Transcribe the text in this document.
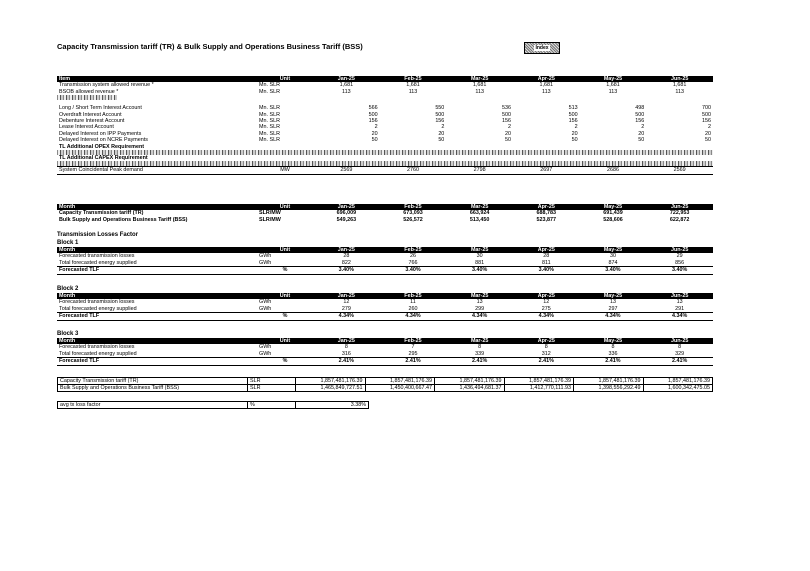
Capacity Transmission tariff (TR) & Bulk Supply and Operations Business Tariff (BSS)	Index
Item	Unit	Jan-25	Feb-25	Mar-25	Apr-25	May-25	Jun-25
Transmission system allowed revenue *	Mn. SLR	1,681	1,681	1,681	1,681	1,681	1,681
BSOB allowed revenue *	Mn. SLR	113	113	113	113	113	113

Long / Short Term Interest Account	Mn. SLR	566	550	536	513	498	700
Overdraft Interest Account	Mn. SLR	500	500	500	500	500	500
Debenture Interest Account	Mn. SLR	156	156	156	156	156	156
Lease Interest Account	Mn. SLR	2	2	2	2	2	2
Delayed Interest on IPP Payments	Mn. SLR	20	20	20	20	20	20
Delayed Interest on NCRE Payments	Mn. SLR	50	50	50	50	50	50
TL Additional OPEX Requirement							

TL Additional CAPEX Requirement							

System Coincidental Peak demand	MW	2569	2760	2798	2697	2686	2569
Month	Unit	Jan-25	Feb-25	Mar-25	Apr-25	May-25	Jun-25
Capacity Transmission tariff (TR)	SLR/MW	696,009	673,093	663,924	688,783	691,439	722,953
Bulk Supply and Operations Business Tariff (BSS)	SLR/MW	549,263	526,572	513,450	523,877	528,606	622,872
Transmission Losses Factor
Block 1
Month	Unit	Jan-25	Feb-25	Mar-25	Apr-25	May-25	Jun-25
Forecasted transmission losses	GWh	28	26	30	28	30	29
Total forecasted energy supplied	GWh	822	766	881	811	874	856
Forecasted TLF	%	3.40%	3.40%	3.40%	3.40%	3.40%	3.40%
Block 2
Month	Unit	Jan-25	Feb-25	Mar-25	Apr-25	May-25	Jun-25
Forecasted transmission losses	GWh	12	11	13	12	13	13
Total forecasted energy supplied	GWh	279	260	299	275	297	291
Forecasted TLF	%	4.34%	4.34%	4.34%	4.34%	4.34%	4.34%
Block 3
Month	Unit	Jan-25	Feb-25	Mar-25	Apr-25	May-25	Jun-25
Forecasted transmission losses	GWh	8	7	8	8	8	8
Total forecasted energy supplied	GWh	316	295	339	312	336	329
Forecasted TLF	%	2.41%	2.41%	2.41%	2.41%	2.41%	2.41%
Capacity Transmission tariff (TR)	SLR	1,857,481,176.39	1,857,481,176.39	1,857,481,176.39	1,857,481,176.39	1,857,481,176.39	1,857,481,176.39
Bulk Supply and Operations Business Tariff (BSS)	SLR	1,465,849,727.51	1,450,400,667.47	1,436,494,681.37	1,412,770,111.93	1,398,556,292.49	1,600,342,475.05
avg tx loss factor	%	3.38%
